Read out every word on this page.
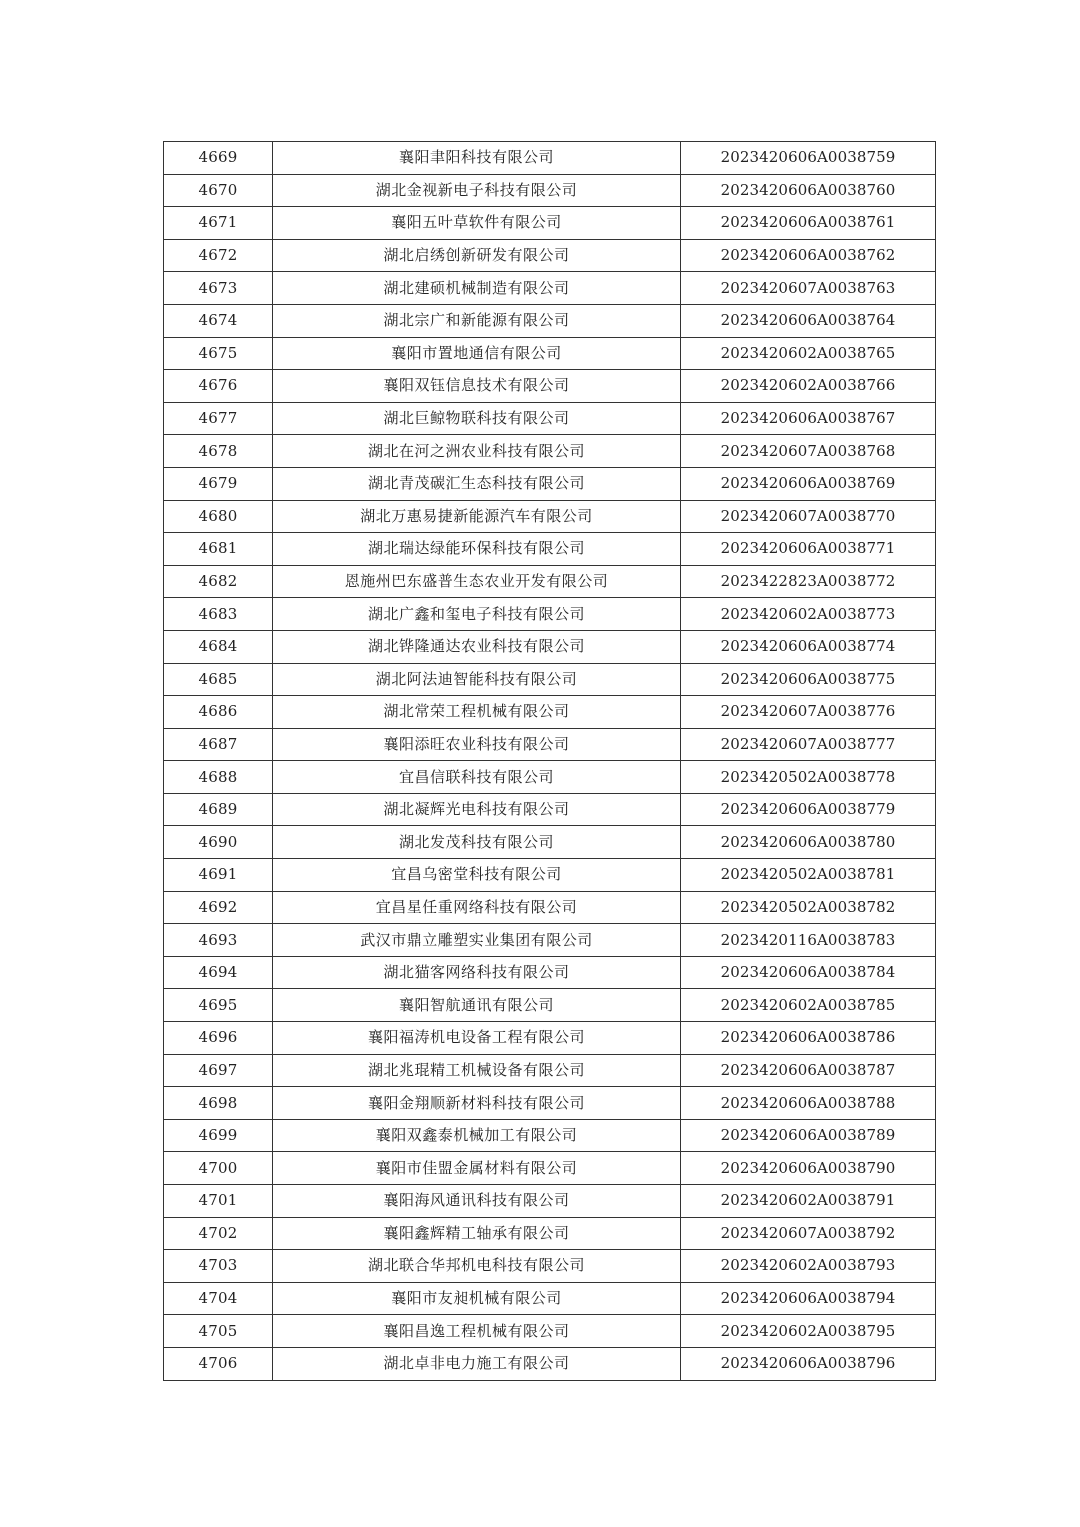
4669	襄阳聿阳科技有限公司	2023420606A0038759
4670	湖北金视新电子科技有限公司	2023420606A0038760
4671	襄阳五叶草软件有限公司	2023420606A0038761
4672	湖北启绣创新研发有限公司	2023420606A0038762
4673	湖北建硕机械制造有限公司	2023420607A0038763
4674	湖北宗广和新能源有限公司	2023420606A0038764
4675	襄阳市置地通信有限公司	2023420602A0038765
4676	襄阳双钰信息技术有限公司	2023420602A0038766
4677	湖北巨鲸物联科技有限公司	2023420606A0038767
4678	湖北在河之洲农业科技有限公司	2023420607A0038768
4679	湖北青茂碳汇生态科技有限公司	2023420606A0038769
4680	湖北万惠易捷新能源汽车有限公司	2023420607A0038770
4681	湖北瑞达绿能环保科技有限公司	2023420606A0038771
4682	恩施州巴东盛普生态农业开发有限公司	2023422823A0038772
4683	湖北广鑫和玺电子科技有限公司	2023420602A0038773
4684	湖北铧隆通达农业科技有限公司	2023420606A0038774
4685	湖北阿法迪智能科技有限公司	2023420606A0038775
4686	湖北常荣工程机械有限公司	2023420607A0038776
4687	襄阳添旺农业科技有限公司	2023420607A0038777
4688	宜昌信联科技有限公司	2023420502A0038778
4689	湖北凝辉光电科技有限公司	2023420606A0038779
4690	湖北发茂科技有限公司	2023420606A0038780
4691	宜昌乌密堂科技有限公司	2023420502A0038781
4692	宜昌星任重网络科技有限公司	2023420502A0038782
4693	武汉市鼎立雕塑实业集团有限公司	2023420116A0038783
4694	湖北猫客网络科技有限公司	2023420606A0038784
4695	襄阳智航通讯有限公司	2023420602A0038785
4696	襄阳福涛机电设备工程有限公司	2023420606A0038786
4697	湖北兆琨精工机械设备有限公司	2023420606A0038787
4698	襄阳金翔顺新材料科技有限公司	2023420606A0038788
4699	襄阳双鑫泰机械加工有限公司	2023420606A0038789
4700	襄阳市佳盟金属材料有限公司	2023420606A0038790
4701	襄阳海风通讯科技有限公司	2023420602A0038791
4702	襄阳鑫辉精工轴承有限公司	2023420607A0038792
4703	湖北联合华邦机电科技有限公司	2023420602A0038793
4704	襄阳市友昶机械有限公司	2023420606A0038794
4705	襄阳昌逸工程机械有限公司	2023420602A0038795
4706	湖北卓非电力施工有限公司	2023420606A0038796
